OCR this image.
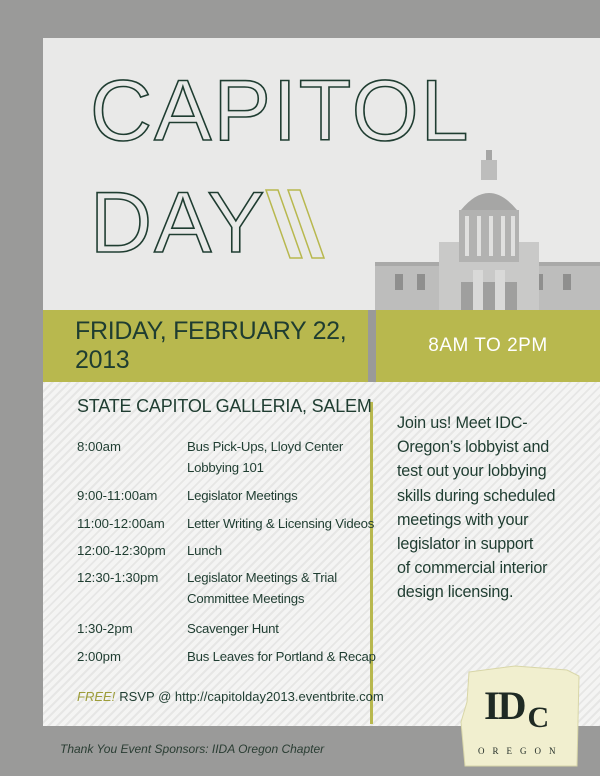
CAPITOL
DAY
FRIDAY, FEBRUARY 22, 2013
8AM TO 2PM
STATE CAPITOL GALLERIA, SALEM
8:00am	Bus Pick-Ups, Lloyd Center
Lobbying 101
9:00-11:00am	Legislator Meetings
11:00-12:00am	Letter Writing & Licensing Videos
12:00-12:30pm	Lunch
12:30-1:30pm	Legislator Meetings & Trial
Committee Meetings
1:30-2pm	Scavenger Hunt
2:00pm	Bus Leaves for Portland & Recap
FREE! RSVP @ http://capitolday2013.eventbrite.com
Join us! Meet IDC-
Oregon’s lobbyist and
test out your lobbying
skills during scheduled
meetings with your
legislator in support
of commercial interior
design licensing.
Thank You Event Sponsors: IIDA Oregon Chapter
ID $_C$
OREGON
